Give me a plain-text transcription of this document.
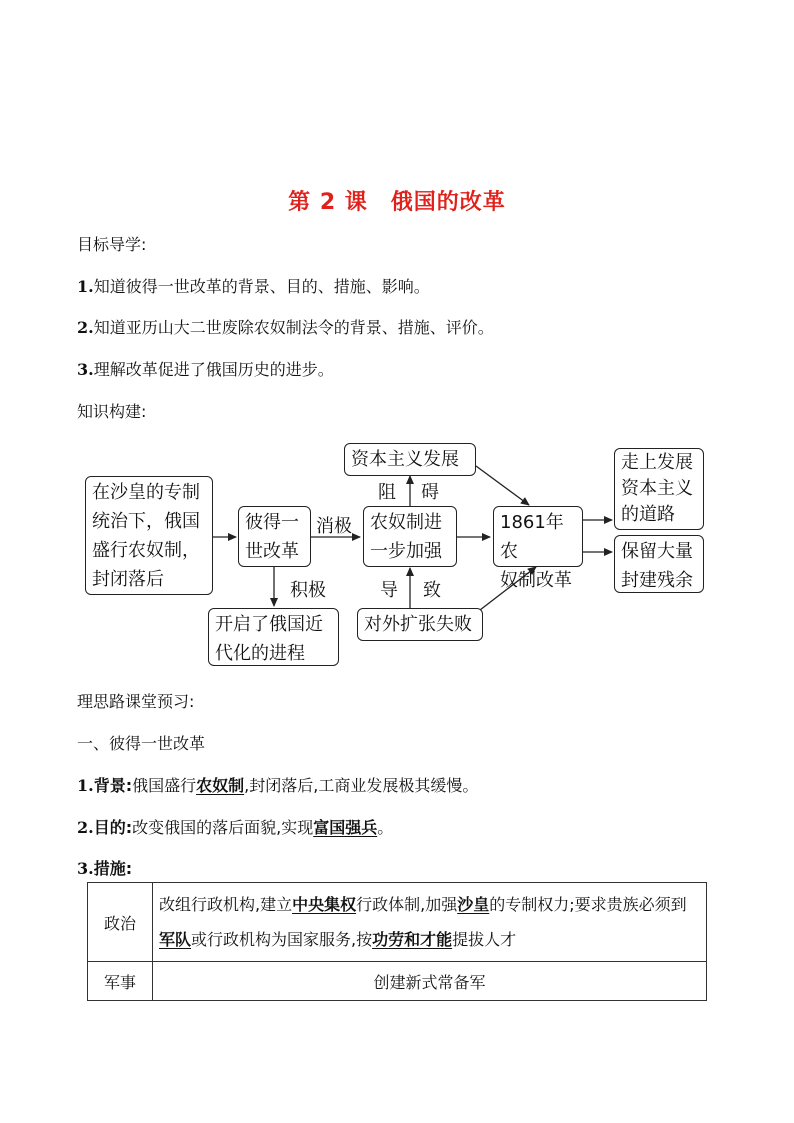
第 2 课　俄国的改革
目标导学:
1.知道彼得一世改革的背景、目的、措施、影响。
2.知道亚历山大二世废除农奴制法令的背景、措施、评价。
3.理解改革促进了俄国历史的进步。
知识构建:
在沙皇的专制
统治下，俄国
盛行农奴制，
封闭落后
彼得一
世改革
农奴制进
一步加强
1861年农
奴制改革
资本主义发展
对外扩张失败
开启了俄国近
代化的进程
走上发展
资本主义
的道路
保留大量
封建残余
消极
积极
阻 碍
导 致
理思路课堂预习:
一、彼得一世改革
1.背景:俄国盛行农奴制,封闭落后,工商业发展极其缓慢。
2.目的:改变俄国的落后面貌,实现富国强兵。
3.措施:
政治	改组行政机构,建立中央集权行政体制,加强沙皇的专制权力;要求贵族必须到军队或行政机构为国家服务,按功劳和才能提拔人才
军事	创建新式常备军
